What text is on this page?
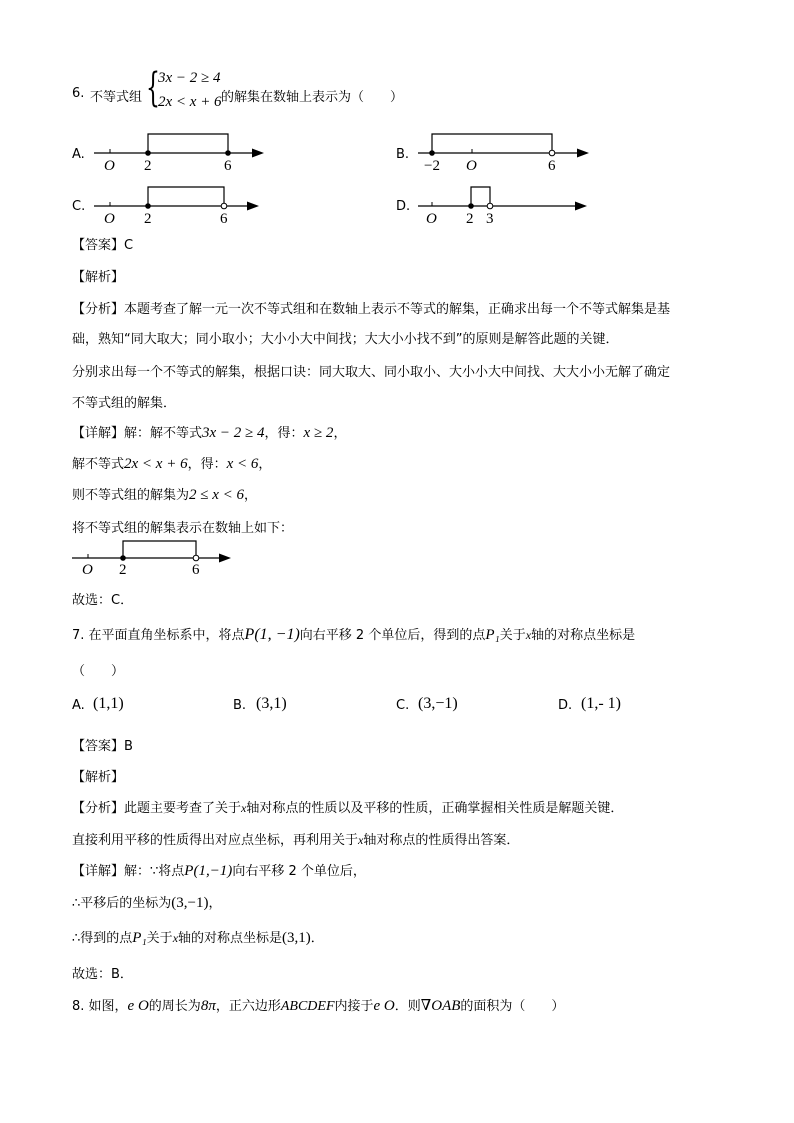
6. 不等式组 {
3x − 2 ≥ 4
2x < x + 6 的解集在数轴上表示为（　　）
A.
O 2	6
B.
−2 O	6
C.
O 2	6
D.
O 2 3
【答案】C
【解析】
【分析】本题考查了解一元一次不等式组和在数轴上表示不等式的解集，正确求出每一个不等式解集是基
础，熟知“同大取大；同小取小；大小小大中间找；大大小小找不到”的原则是解答此题的关键．
分别求出每一个不等式的解集，根据口诀：同大取大、同小取小、大小小大中间找、大大小小无解了确定
不等式组的解集．
【详解】解：解不等式3x − 2 ≥ 4，得：x ≥ 2，
解不等式2x < x + 6，得：x < 6，
则不等式组的解集为2 ≤ x < 6，
将不等式组的解集表示在数轴上如下：
O 2	6
故选：C．
7. 在平面直角坐标系中，将点P(1, −1)向右平移 2 个单位后，得到的点P₁关于x轴的对称点坐标是
（　　）
A. (1,1)	B. (3,1)	C. (3,−1)	D. (1,- 1)
【答案】B
【解析】
【分析】此题主要考查了关于x轴对称点的性质以及平移的性质，正确掌握相关性质是解题关键．
直接利用平移的性质得出对应点坐标，再利用关于x轴对称点的性质得出答案．
【详解】解：∵将点P(1,−1)向右平移 2 个单位后，
∴平移后的坐标为(3,−1)，
∴得到的点P₁关于x轴的对称点坐标是(3,1)．
故选：B．
8. 如图，e O的周长为8π，正六边形ABCDEF内接于e O．则∇OAB的面积为（　　）
